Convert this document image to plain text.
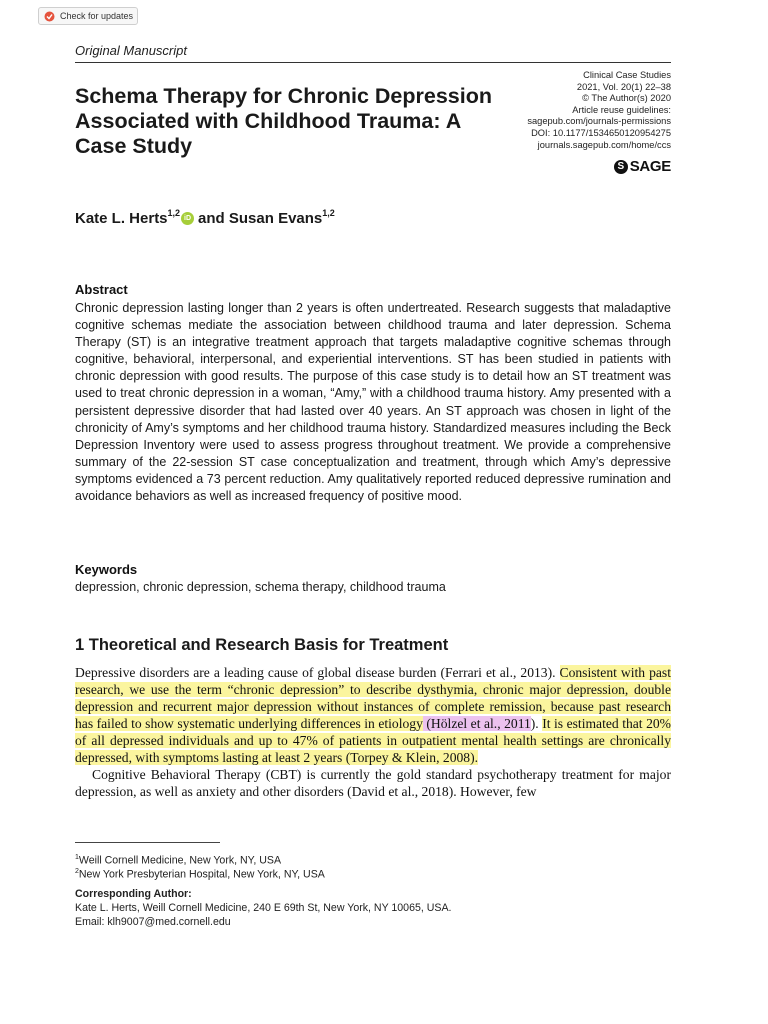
Check for updates
Original Manuscript
Schema Therapy for Chronic Depression Associated with Childhood Trauma: A Case Study
Clinical Case Studies
2021, Vol. 20(1) 22–38
© The Author(s) 2020
Article reuse guidelines:
sagepub.com/journals-permissions
DOI: 10.1177/1534650120954275
journals.sagepub.com/home/ccs
S SAGE
Kate L. Herts$^{1,2}$
iD and Susan Evans$^{1,2}$
Abstract
Chronic depression lasting longer than 2 years is often undertreated. Research suggests that maladaptive cognitive schemas mediate the association between childhood trauma and later depression. Schema Therapy (ST) is an integrative treatment approach that targets maladaptive cognitive schemas through cognitive, behavioral, interpersonal, and experiential interventions. ST has been studied in patients with chronic depression with good results. The purpose of this case study is to detail how an ST treatment was used to treat chronic depression in a woman, “Amy,” with a childhood trauma history. Amy presented with a persistent depressive disorder that had lasted over 40 years. An ST approach was chosen in light of the chronicity of Amy’s symptoms and her childhood trauma history. Standardized measures including the Beck Depression Inventory were used to assess progress throughout treatment. We provide a comprehensive summary of the 22-session ST case conceptualization and treatment, through which Amy’s depressive symptoms evidenced a 73 percent reduction. Amy qualitatively reported reduced depressive rumination and avoidance behaviors as well as increased frequency of positive mood.
Keywords
depression, chronic depression, schema therapy, childhood trauma
1 Theoretical and Research Basis for Treatment

Depressive disorders are a leading cause of global disease burden (Ferrari et al., 2013). Consistent with past research, we use the term “chronic depression” to describe dysthymia, chronic major depression, double depression and recurrent major depression without instances of complete remission, because past research has failed to show systematic underlying differences in etiology (Hölzel et al., 2011). It is estimated that 20% of all depressed individuals and up to 47% of patients in outpatient mental health settings are chronically depressed, with symptoms lasting at least 2 years (Torpey & Klein, 2008).

Cognitive Behavioral Therapy (CBT) is currently the gold standard psychotherapy treatment for major depression, as well as anxiety and other disorders (David et al., 2018). However, few

$^1$Weill Cornell Medicine, New York, NY, USA
$^2$New York Presbyterian Hospital, New York, NY, USA
Corresponding Author:
Kate L. Herts, Weill Cornell Medicine, 240 E 69th St, New York, NY 10065, USA.
Email: klh9007@med.cornell.edu
